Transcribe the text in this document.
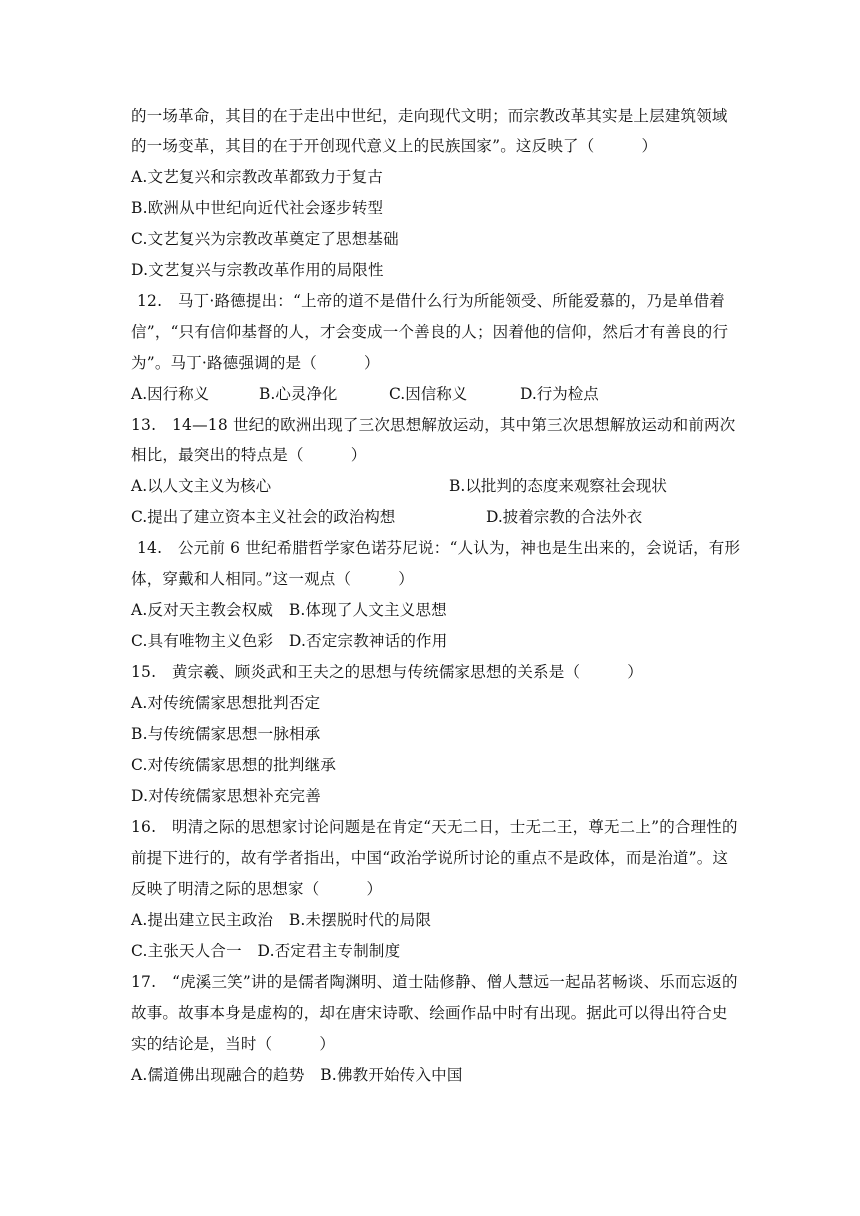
的一场革命，其目的在于走出中世纪，走向现代文明；而宗教改革其实是上层建筑领域
的一场变革，其目的在于开创现代意义上的民族国家”。这反映了（　　　）
A.文艺复兴和宗教改革都致力于复古
B.欧洲从中世纪向近代社会逐步转型
C.文艺复兴为宗教改革奠定了思想基础
D.文艺复兴与宗教改革作用的局限性
12.　马丁·路德提出：“上帝的道不是借什么行为所能领受、所能爱慕的，乃是单借着
信”，“只有信仰基督的人，才会变成一个善良的人；因着他的信仰，然后才有善良的行
为”。马丁·路德强调的是（　　　）
A.因行称义	B.心灵净化	C.因信称义	D.行为检点
13.　14—18 世纪的欧洲出现了三次思想解放运动，其中第三次思想解放运动和前两次
相比，最突出的特点是（　　　）
A.以人文主义为核心	B.以批判的态度来观察社会现状
C.提出了建立资本主义社会的政治构想	D.披着宗教的合法外衣
14.　公元前 6 世纪希腊哲学家色诺芬尼说：“人认为，神也是生出来的，会说话，有形
体，穿戴和人相同。”这一观点（　　　）
A.反对天主教会权威　B.体现了人文主义思想
C.具有唯物主义色彩　D.否定宗教神话的作用
15.　黄宗羲、顾炎武和王夫之的思想与传统儒家思想的关系是（　　　）
A.对传统儒家思想批判否定
B.与传统儒家思想一脉相承
C.对传统儒家思想的批判继承
D.对传统儒家思想补充完善
16.　明清之际的思想家讨论问题是在肯定“天无二日，士无二王，尊无二上”的合理性的
前提下进行的，故有学者指出，中国“政治学说所讨论的重点不是政体，而是治道”。这
反映了明清之际的思想家（　　　）
A.提出建立民主政治　B.未摆脱时代的局限
C.主张天人合一　D.否定君主专制制度
17.　“虎溪三笑”讲的是儒者陶渊明、道士陆修静、僧人慧远一起品茗畅谈、乐而忘返的
故事。故事本身是虚构的，却在唐宋诗歌、绘画作品中时有出现。据此可以得出符合史
实的结论是，当时（　　　）
A.儒道佛出现融合的趋势　B.佛教开始传入中国
